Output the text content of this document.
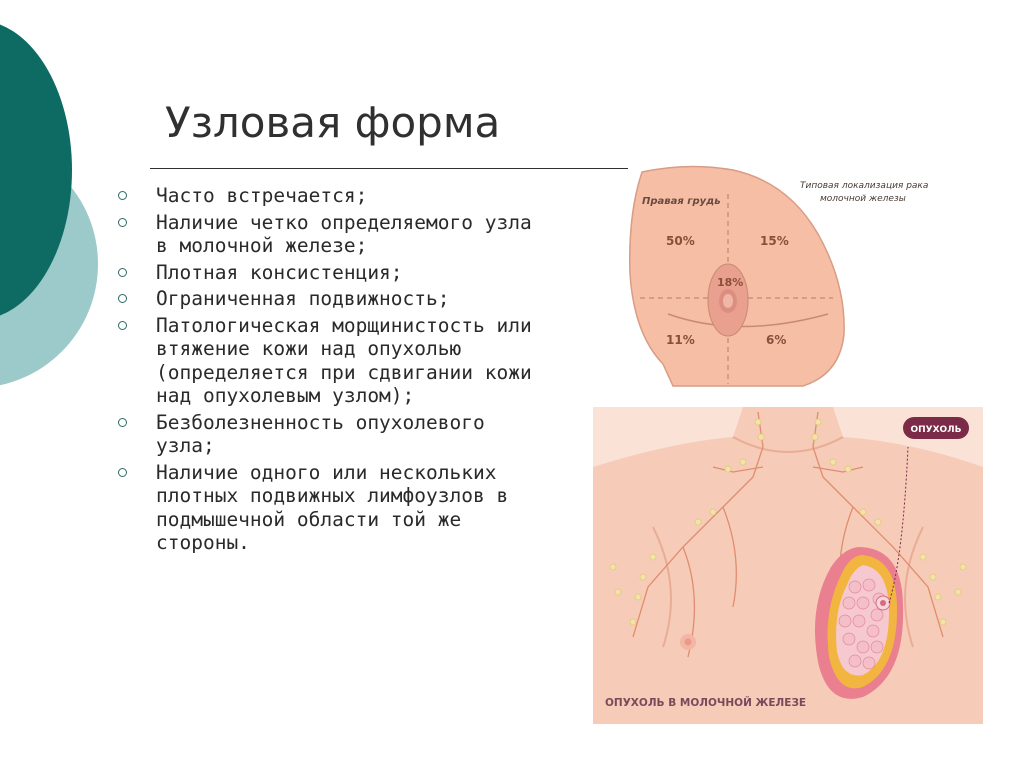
Узловая форма
Часто встречается;
Наличие четко определяемого узла в молочной железе;
Плотная консистенция;
Ограниченная подвижность;
Патологическая морщинистость или втяжение кожи над опухолью (определяется при сдвигании кожи над опухолевым узлом);
Безболезненность опухолевого узла;
Наличие одного или нескольких плотных подвижных лимфоузлов в подмышечной области той же стороны.
Правая грудь
50%	15%
18%
11%	6%
Типовая локализация рака молочной железы
ОПУХОЛЬ
ОПУХОЛЬ В МОЛОЧНОЙ ЖЕЛЕЗЕ
